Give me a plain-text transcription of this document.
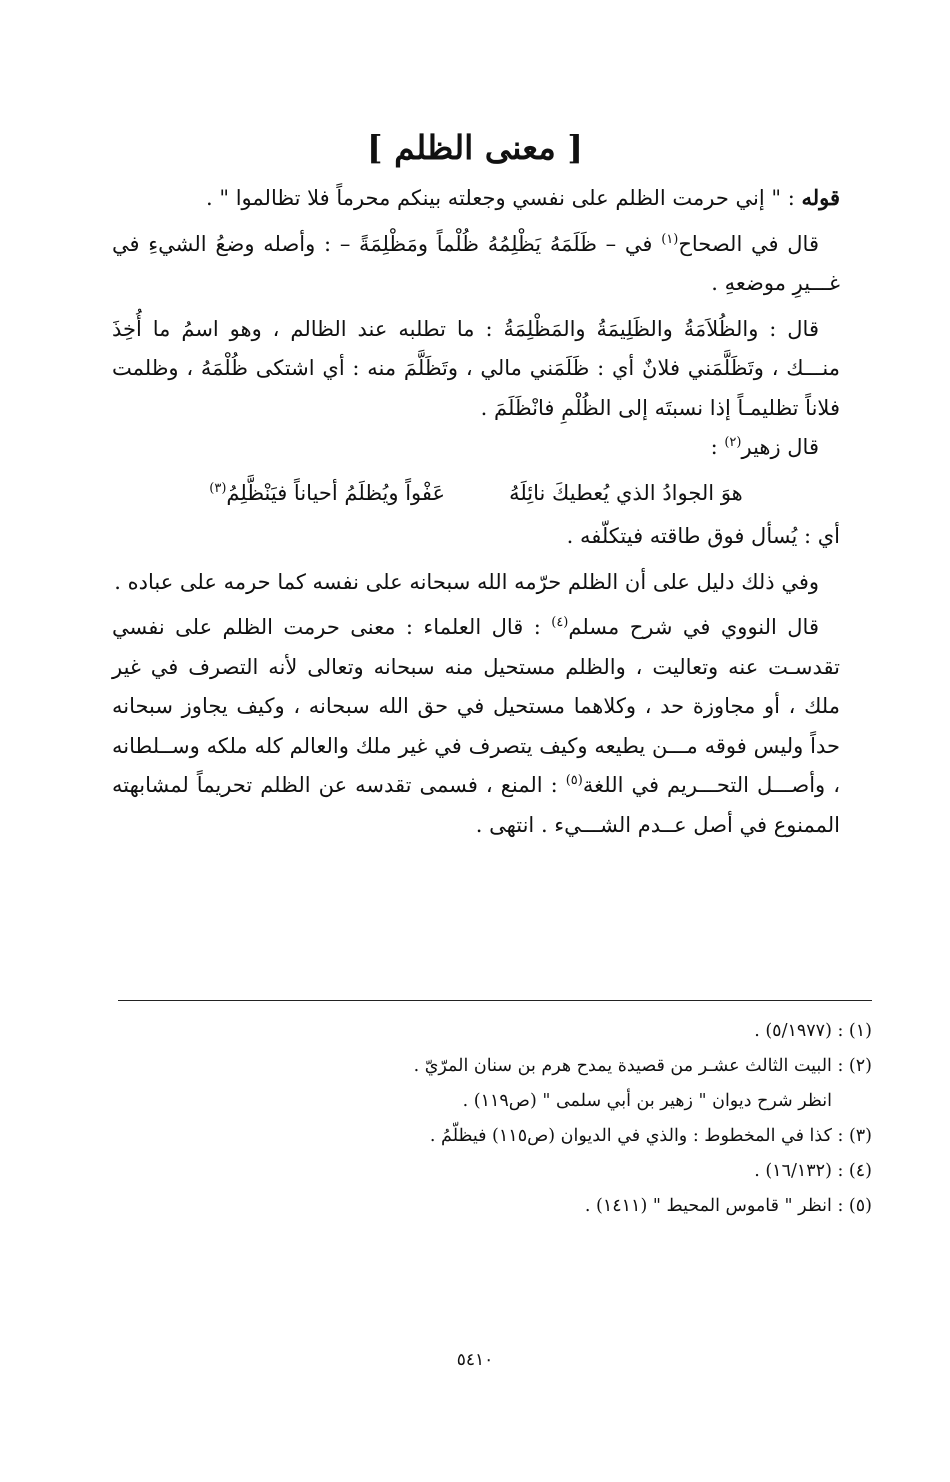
[ معنى الظلم ]

قوله : " إني حرمت الظلم على نفسي وجعلته بينكم محرماً فلا تظالموا " .

 قال في الصحاح$^{(١)}$ في – ظَلَمَهُ يَظْلِمُهُ ظُلْماً ومَظْلِمَةً – : وأصله وضعُ الشيءِ في غـــيرِ موضعهِ .

 قال : والظُلاَمَةُ والظَلِيمَةُ والمَظْلِمَةُ : ما تطلبه عند الظالم ، وهو اسمُ ما أُخِذَ منـــك ، وتَظَلَّمَني فلانٌ أي : ظَلَمَني مالي ، وتَظَلَّمَ منه : أي اشتكى ظُلْمَهُ ، وظلمت فلاناً تظليمـاً إذا نسبتَه إلى الظُلْمِ فانْظَلَمَ .

 قال زهير$^{(٢)}$ :

هوَ الجوادُ الذي يُعطيكَ نائِلَهُ
عَفْواً ويُظلَمُ أحياناً فيَنْظَّلِمُ$^{(٣)}$

أي : يُسأل فوق طاقته فيتكلّفه .

 وفي ذلك دليل على أن الظلم حرّمه الله سبحانه على نفسه كما حرمه على عباده .

 قال النووي في شرح مسلم$^{(٤)}$ : قال العلماء : معنى حرمت الظلم على نفسي تقدسـت عنه وتعاليت ، والظلم مستحيل منه سبحانه وتعالى لأنه التصرف في غير ملك ، أو مجاوزة حد ، وكلاهما مستحيل في حق الله سبحانه ، وكيف يجاوز سبحانه حداً وليس فوقه مـــن يطيعه وكيف يتصرف في غير ملك والعالم كله ملكه وســلطانه ، وأصـــل التحـــريم في اللغة$^{(٥)}$ : المنع ، فسمى تقدسه عن الظلم تحريماً لمشابهته الممنوع في أصل عــدم الشـــيء . انتهى .

(١) : (٥/١٩٧٧) .

(٢) : البيت الثالث عشـر من قصيدة يمدح هرم بن سنان المرّيّ .

انظر شرح ديوان " زهير بن أبي سلمى " (ص١١٩) .

(٣) : كذا في المخطوط : والذي في الديوان (ص١١٥) فيظلّمُ .

(٤) : (١٦/١٣٢) .

(٥) : انظر " قاموس المحيط " (١٤١١) .

٥٤١٠
